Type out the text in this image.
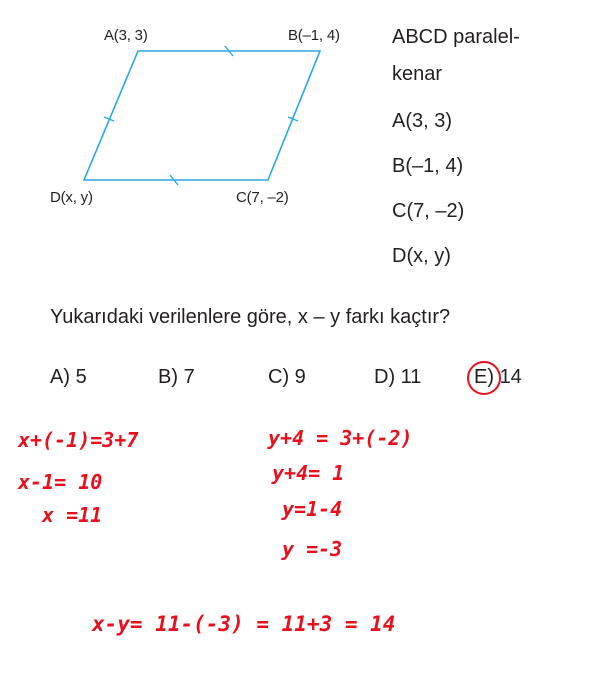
A(3, 3)	B(–1, 4)
C(7, –2)
D(x, y)
ABCD paralel-
kenar
A(3, 3)
B(–1, 4)
C(7, –2)
D(x, y)
Yukarıdaki verilenlere göre, x – y farkı kaçtır?
A) 5	B) 7	C) 9	D) 11	E) 14
x+(-1)=3+7
x-1= 10
x =11
y+4 = 3+(-2)
y+4= 1
y=1-4
y =-3
x-y= 11-(-3) = 11+3 = 14
